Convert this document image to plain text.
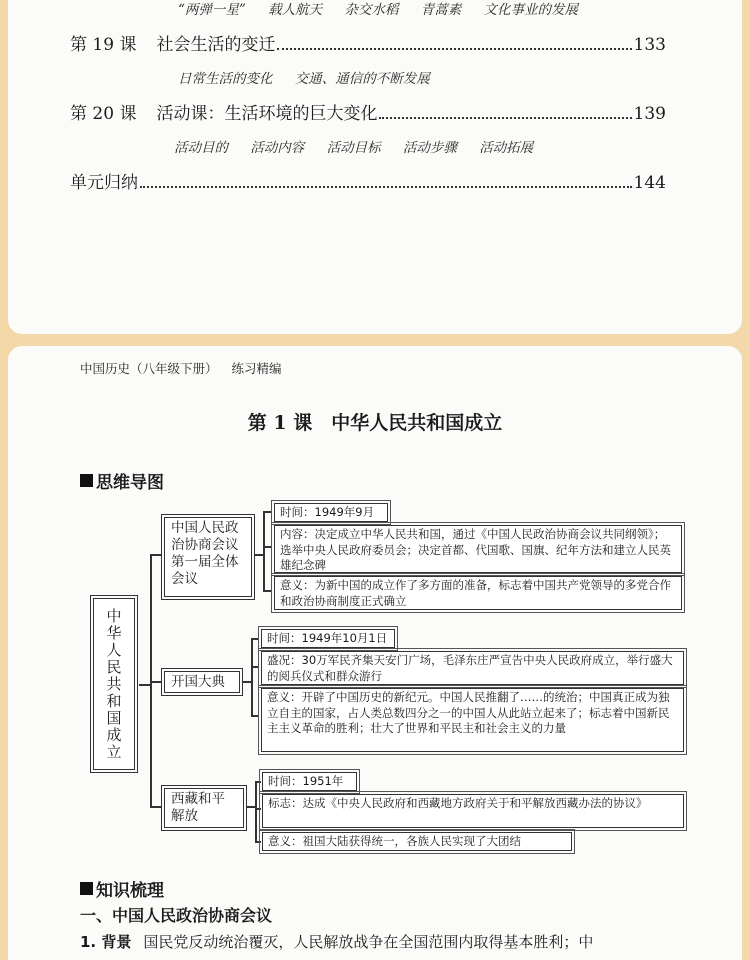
“两弹一星” 载人航天 杂交水稻 青蒿素 文化事业的发展
第 19 课 社会生活的变迁	133
日常生活的变化 交通、通信的不断发展
第 20 课 活动课：生活环境的巨大变化	139
活动目的 活动内容 活动目标 活动步骤 活动拓展
单元归纳	144
中国历史（八年级下册） 练习精编
第 1 课　中华人民共和国成立
思维导图
中华人民共和国成立
中国人民政治协商会议第一届全体会议
时间：1949年9月
内容：决定成立中华人民共和国，通过《中国人民政治协商会议共同纲领》；选举中央人民政府委员会；决定首都、代国歌、国旗、纪年方法和建立人民英雄纪念碑
意义：为新中国的成立作了多方面的准备，标志着中国共产党领导的多党合作和政治协商制度正式确立
开国大典
时间：1949年10月1日
盛况：30万军民齐集天安门广场，毛泽东庄严宣告中央人民政府成立，举行盛大的阅兵仪式和群众游行
意义：开辟了中国历史的新纪元。中国人民推翻了……的统治；中国真正成为独立自主的国家，占人类总数四分之一的中国人从此站立起来了；标志着中国新民主主义革命的胜利；壮大了世界和平民主和社会主义的力量
西藏和平解放
时间：1951年
标志：达成《中央人民政府和西藏地方政府关于和平解放西藏办法的协议》
意义：祖国大陆获得统一，各族人民实现了大团结
知识梳理
一、中国人民政治协商会议
1. 背景 国民党反动统治覆灭，人民解放战争在全国范围内取得基本胜利；中
